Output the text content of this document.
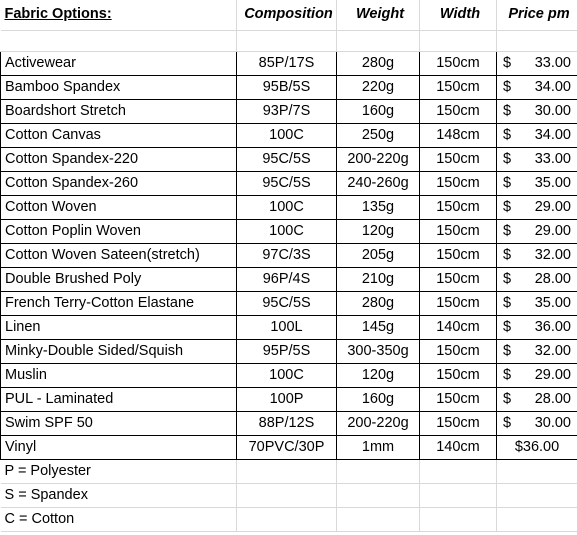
Fabric Options:	Composition	Weight	Width	Price pm

Activewear	85P/17S	280g	150cm	$ 33.00

Bamboo Spandex	95B/5S	220g	150cm	$ 34.00

Boardshort Stretch	93P/7S	160g	150cm	$ 30.00

Cotton Canvas	100C	250g	148cm	$ 34.00

Cotton Spandex-220	95C/5S	200-220g	150cm	$ 33.00

Cotton Spandex-260	95C/5S	240-260g	150cm	$ 35.00

Cotton Woven	100C	135g	150cm	$ 29.00

Cotton Poplin Woven	100C	120g	150cm	$ 29.00

Cotton Woven Sateen(stretch)	97C/3S	205g	150cm	$ 32.00

Double Brushed Poly	96P/4S	210g	150cm	$ 28.00

French Terry-Cotton Elastane	95C/5S	280g	150cm	$ 35.00

Linen	100L	145g	140cm	$ 36.00

Minky-Double Sided/Squish	95P/5S	300-350g	150cm	$ 32.00

Muslin	100C	120g	150cm	$ 29.00

PUL - Laminated	100P	160g	150cm	$ 28.00

Swim SPF 50	88P/12S	200-220g	150cm	$ 30.00

Vinyl	70PVC/30P	1mm	140cm	$36.00
P = Polyester				
S = Spandex				
C = Cotton				
